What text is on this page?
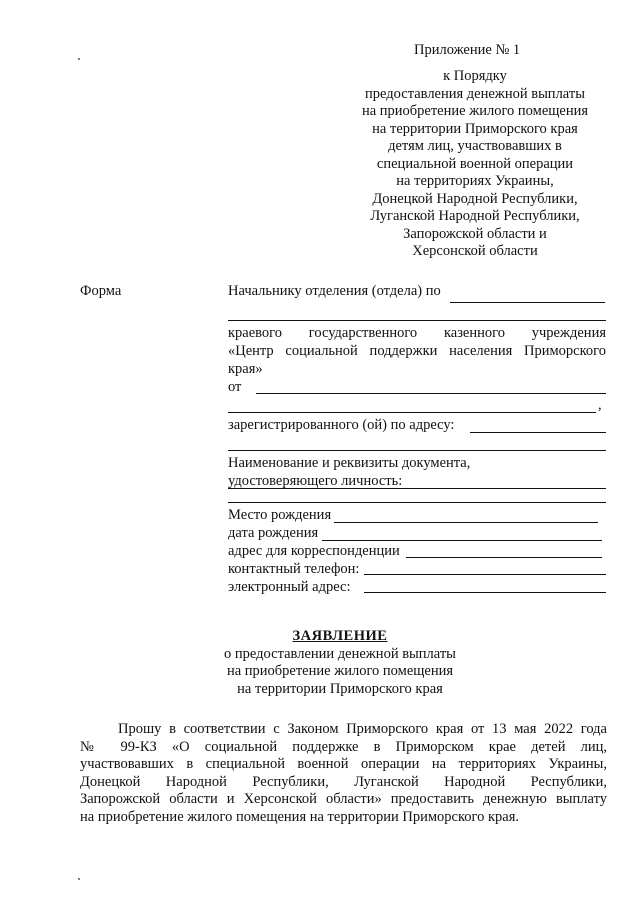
Приложение № 1
к Порядку
предоставления денежной выплаты
на приобретение жилого помещения
на территории Приморского края
детям лиц, участвовавших в
специальной военной операции
на территориях Украины,
Донецкой Народной Республики,
Луганской Народной Республики,
Запорожской области и
Херсонской области
Форма	Начальнику отделения (отдела) по
краевого государственного казенного учреждения
«Центр социальной поддержки населения Приморского
края»
от
,
зарегистрированного (ой) по адресу:
Наименование и реквизиты документа,
удостоверяющего личность:
Место рождения
дата рождения
адрес для корреспонденции
контактный телефон:
электронный адрес:
ЗАЯВЛЕНИЕ
о предоставлении денежной выплаты
на приобретение жилого помещения
на территории Приморского края
Прошу в соответствии с Законом Приморского края от 13 мая 2022 года
№ 99-КЗ «О социальной поддержке в Приморском крае детей лиц,
участвовавших в специальной военной операции на территориях Украины,
Донецкой Народной Республики, Луганской Народной Республики,
Запорожской области и Херсонской области» предоставить денежную выплату
на приобретение жилого помещения на территории Приморского края.
